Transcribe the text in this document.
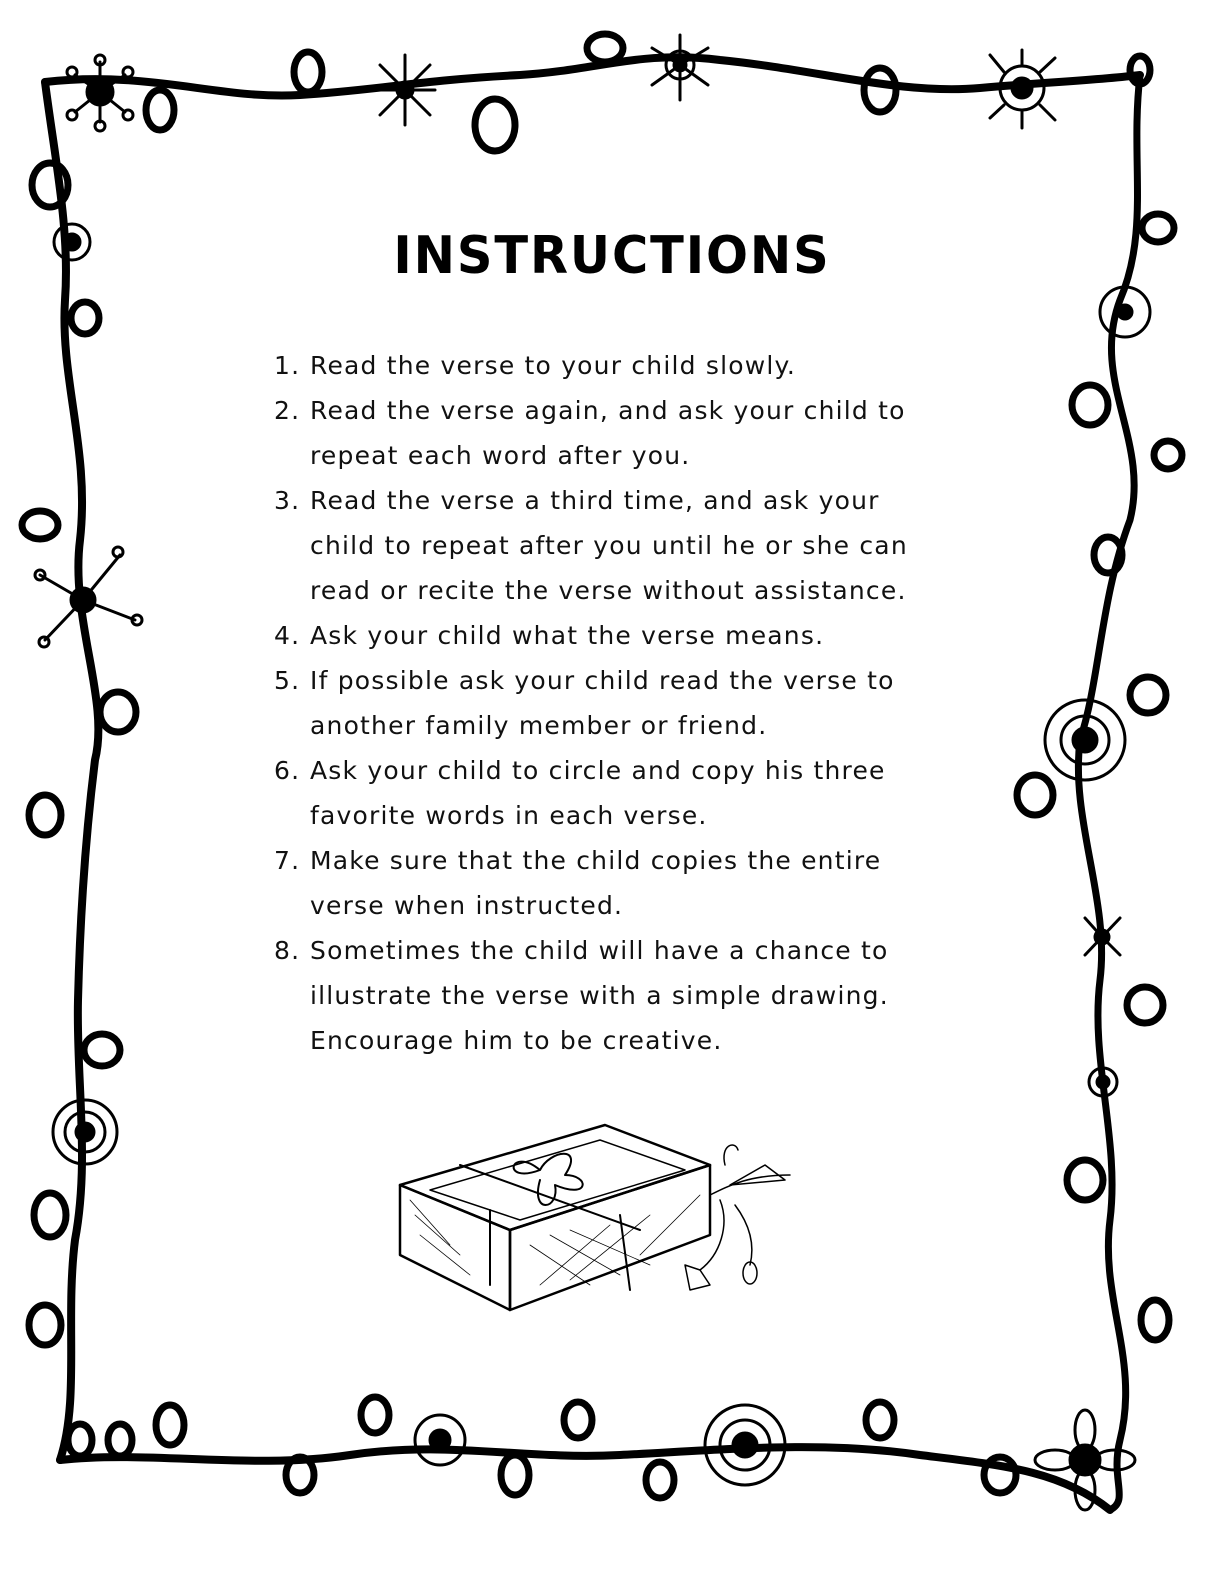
INSTRUCTIONS
1. Read the verse to your child slowly.
2. Read the verse again, and ask your child to repeat each word after you.
3. Read the verse a third time, and ask your child to repeat after you until he or she can read or recite the verse without assistance.
4. Ask your child what the verse means.
5. If possible ask your child read the verse to another family member or friend.
6. Ask your child to circle and copy his three favorite words in each verse.
7. Make sure that the child copies the entire verse when instructed.
8. Sometimes the child will have a chance to illustrate the verse with a simple drawing. Encourage him to be creative.
